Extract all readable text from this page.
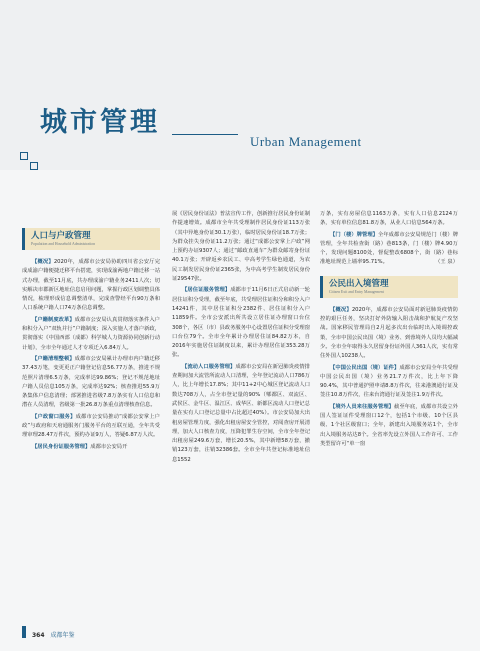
城市管理
Urban Management
人口与户政管理
Population and Household Administration

【概况】2020年，成都市公安局协助四川省公安厅完成成渝户籍便捷迁移平台搭建，实现成渝两地户籍迁移一站式办理，截至11月底，共办理成渝户籍业务2411人次；切实解决市郡新区地址信息启用问题，掌握行政区划调整具体情况，梳理形成信息调整清单，完成查警经平台90万条和人口系统户籍人口74万条信息调整。

【户籍制度改革】成都市公安局认真贯彻落实条件入户和积分入户“双轨并行”户籍制度；深入实施人才落户新政，贯彻落实《中国西部（成都）科学城人力资源协同创新行动计划》，全市全年通过人才专项迁入6.84万人。

【户籍清理整顿】成都市公安局累计办理市内户籍迁移37.43万笔，变更更正户籍登记信息56.77万条，推进不规范照片清理6.5万条，完成率达99.86%；登记不规范地址户籍人员信息105万条，完成率达92%；核查推进55.9万条集体户信息清理；部署推进省级7.8万条实有人口信息和潜在人员清理，省级第一批26.8万条重点清理核查信息。

【户政窗口服务】成都市公安局推动“成都公安掌上户政”与政府和天府通服务门服务平台的互联互通，全年共受理审理28.47万件次，预约办证9万人，答疑6.87万人次。

【居民身份证服务管理】成都市公安局开

展《居民身份证法》普法宣传工作，创新推行居民身份证制作提速增效。成都市全年共受理制作居民身份证113万张（其中异地身份证30.1万张），临时居民身份证18.7万张；为群众挂失身份证11.2万张；通过“成都公安掌上户政”网上预约办证9307人；通过“邮政直通车”为群众邮寄身份证40.1万张；开辟返乡农民工、中高考学生绿色通道，为农民工制发居民身份证2365张，为中高考学生制发居民身份证29547张。

【居住证服务管理】成都市于11月6日正式启动新一轮居住证积分受理，截至年底，共受理居住证积分和积分入户14241件，其中居住证积分2382件、居住证积分入户11859件。全市公安派出所共设立居住证办理窗口台位308个，各区（市）县政务服务中心设置居住证积分受理窗口台位79个。全市全年累计办理居住证84.82万本，自2016年实施居住证制度以来，累计办理居住证353.28万张。

【流动人口服务管理】成都市公安局在新冠肺炎疫情排查期间加大流管所流动人口清理，全年登记流动人口786万人，比上年增长17.8%；其中11+2中心城区登记流动人口数达708万人，占全市登记量的90%（郫都区、双流区、武侯区、金牛区、温江区、成华区、新都区流动人口登记总量在实有人口登记总量中占比超过40%）。市公安局加大出租房屋管理力度，强化出租房屋安全管控，对阅查房开展清理，加大人口核查力度，压降犯罪生存空间，全市全年登记出租房屋249.6万套，增长20.5%，其中新增58万套，撤销123万套，注销32386套。全市全年共登记标准地址信息1552

万条，实有房屋信息1163万条，实有人口信息2124万条，实有单位信息81.8万条，从业人口信息564万条。

【门（楼）牌管理】全年成都市公安局规范门（楼）牌管理，全年共检查街（路）巷813条，门（楼）牌4.90万个，发现问题8100处，督促整改6808个，街（路）巷标准地址规范上墙率95.71%。	（王 泉）

公民出入境管理
Citizen Exit and Entry Management

【概况】2020年，成都市公安局面对新冠肺炎疫情防控的艰巨任务，坚决打好外防输入阻击战和护航复产攻坚战。国家移民管理局自2月起多次出台临时出入境调控政策，全市中国公民出国（境）业务、到蓉境外人员均大幅减少。全市全年取得永久居留身份证外国人361人次，实有常住外国人10238人。

【中国公民出国（境）证件】成都市公安局全年共受理中国公民出国（境）业务21.7万件次，比上年下降90.4%，其中普通护照申请8.8万件次，往来港澳通行证及签注10.8万件次，往来台湾通行证及签注1.9万件次。

【境外人员来往服务管理】截至年底，成都市共设立外国人签证证件受理窗口12个，包括1个市级、10个区县级、1个社区级窗口；全年，新建出入境服务站1个，全市出入境服务站达8个。全省率先设立外国人工作许可、工作类型留许可“单一窗

364 成都年鉴
